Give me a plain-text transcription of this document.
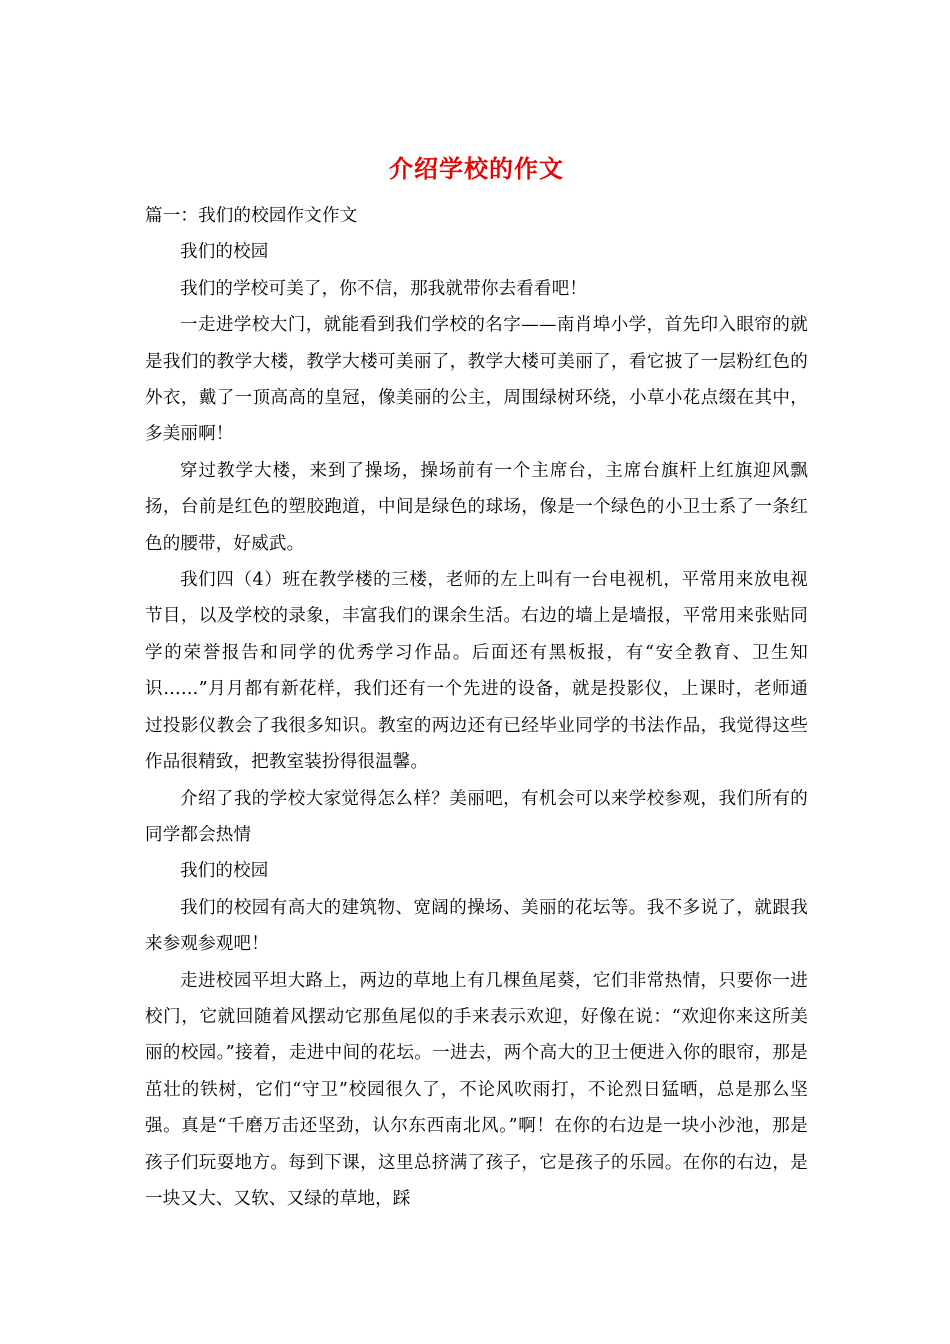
介绍学校的作文

篇一：我们的校园作文作文

我们的校园

我们的学校可美了，你不信，那我就带你去看看吧！

一走进学校大门，就能看到我们学校的名字——南肖埠小学，首先印入眼帘的就是我们的教学大楼，教学大楼可美丽了，教学大楼可美丽了，看它披了一层粉红色的外衣，戴了一顶高高的皇冠，像美丽的公主，周围绿树环绕，小草小花点缀在其中，多美丽啊！

穿过教学大楼，来到了操场，操场前有一个主席台，主席台旗杆上红旗迎风飘扬，台前是红色的塑胶跑道，中间是绿色的球场，像是一个绿色的小卫士系了一条红色的腰带，好威武。

我们四（4）班在教学楼的三楼，老师的左上叫有一台电视机，平常用来放电视节目，以及学校的录象，丰富我们的课余生活。右边的墙上是墙报，平常用来张贴同学的荣誉报告和同学的优秀学习作品。后面还有黑板报，有“安全教育、卫生知识……”月月都有新花样，我们还有一个先进的设备，就是投影仪，上课时，老师通过投影仪教会了我很多知识。教室的两边还有已经毕业同学的书法作品，我觉得这些作品很精致，把教室装扮得很温馨。

介绍了我的学校大家觉得怎么样？美丽吧，有机会可以来学校参观，我们所有的同学都会热情

我们的校园

我们的校园有高大的建筑物、宽阔的操场、美丽的花坛等。我不多说了，就跟我来参观参观吧！

走进校园平坦大路上，两边的草地上有几棵鱼尾葵，它们非常热情，只要你一进校门，它就回随着风摆动它那鱼尾似的手来表示欢迎，好像在说：“欢迎你来这所美丽的校园。”接着，走进中间的花坛。一进去，两个高大的卫士便进入你的眼帘，那是茁壮的铁树，它们“守卫”校园很久了，不论风吹雨打，不论烈日猛晒，总是那么坚强。真是“千磨万击还坚劲，认尔东西南北风。”啊！在你的右边是一块小沙池，那是孩子们玩耍地方。每到下课，这里总挤满了孩子，它是孩子的乐园。在你的右边，是一块又大、又软、又绿的草地，踩
